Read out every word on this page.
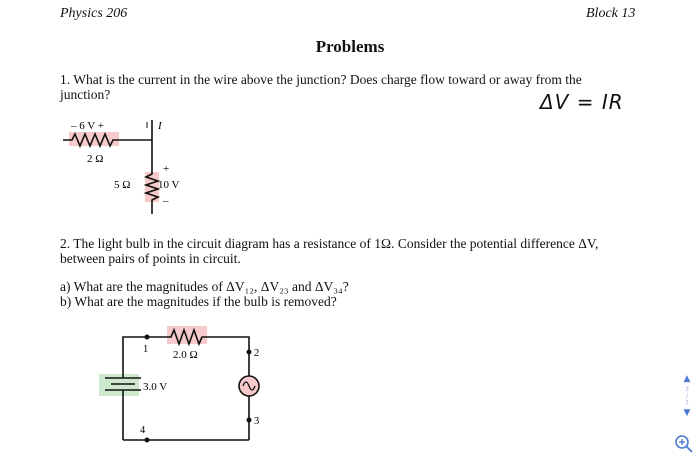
Physics 206	Block 13
Problems
1. What is the current in the wire above the junction? Does charge flow toward or away from the
junction?	ΔV = IR
– 6 V +
2 Ω
I
5 Ω
+
10 V
–
2. The light bulb in the circuit diagram has a resistance of 1Ω. Consider the potential difference ΔV,
between pairs of points in circuit.
a) What are the magnitudes of ΔV₁₂, ΔV₂₃ and ΔV₃₄?
b) What are the magnitudes if the bulb is removed?
1	2
3
4
2.0 Ω
3.0 V
▲
3
/
7
▼
